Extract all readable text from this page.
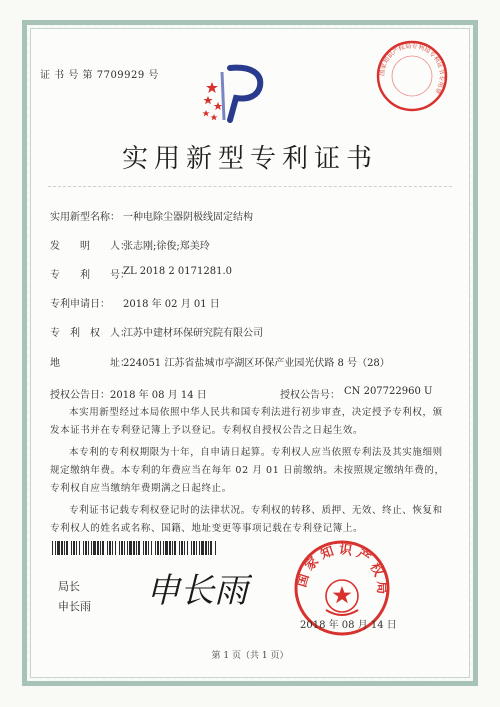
证 书 号 第 7709929 号	国家知识产权局专利局专利证书专用章
实用新型专利证书
实用新型名称： 一种电除尘器阴极线固定结构
发　　明　　人：
张志刚;徐俊;郑美玲
专　　利　　号：
ZL 2018 2 0171281.0
专利申请日： 2018 年 02 月 01 日
专　利　权　人：
江苏中建材环保研究院有限公司
地　　　　　址：
224051 江苏省盐城市亭湖区环保产业园光伏路 8 号（28）
授权公告日： 2018 年 08 月 14 日	授权公告号： CN 207722960 U

本实用新型经过本局依照中华人民共和国专利法进行初步审查，决定授予专利权，颁发本证书并在专利登记簿上予以登记。专利权自授权公告之日起生效。

本专利的专利权期限为十年，自申请日起算。专利权人应当依照专利法及其实施细则规定缴纳年费。本专利的年费应当在每年 02 月 01 日前缴纳。未按照规定缴纳年费的，专利权自应当缴纳年费期满之日起终止。

专利证书记载专利权登记时的法律状况。专利权的转移、质押、无效、终止、恢复和专利权人的姓名或名称、国籍、地址变更等事项记载在专利登记簿上。

局长
申长雨 申长雨	国家知识产权局
2018 年 08 月 14 日
第 1 页（共 1 页）
